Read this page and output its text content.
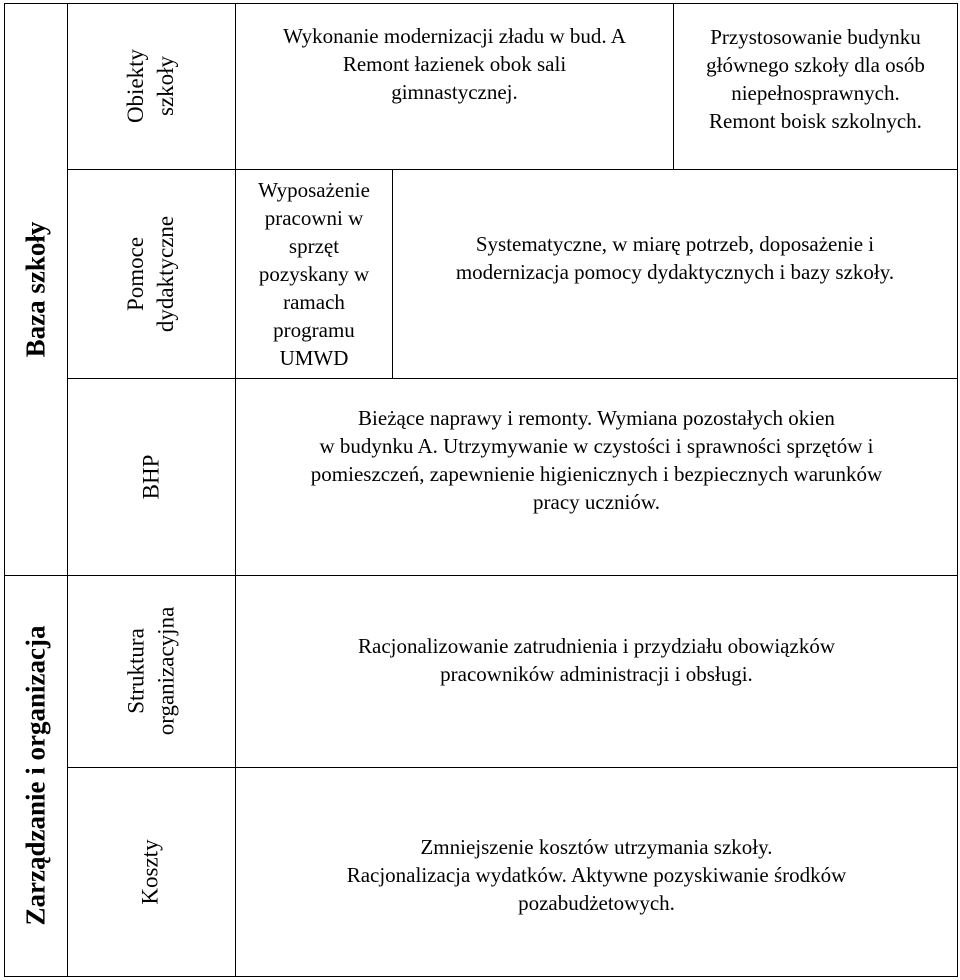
Baza szkoły
Zarządzanie i organizacja
Obiekty
szkoły
Pomoce
dydaktyczne
BHP
Struktura
organizacyjna
Koszty
Wykonanie modernizacji zładu w bud. A
Remont łazienek obok sali
gimnastycznej.
Przystosowanie budynku
głównego szkoły dla osób
niepełnosprawnych.
Remont boisk szkolnych.
Wyposażenie
pracowni w
sprzęt
pozyskany w
ramach
programu
UMWD
Systematyczne, w miarę potrzeb, doposażenie i
modernizacja pomocy dydaktycznych i bazy szkoły.
Bieżące naprawy i remonty. Wymiana pozostałych okien
w budynku A. Utrzymywanie w czystości i sprawności sprzętów i
pomieszczeń, zapewnienie higienicznych i bezpiecznych warunków
pracy uczniów.
Racjonalizowanie zatrudnienia i przydziału obowiązków
pracowników administracji i obsługi.
Zmniejszenie kosztów utrzymania szkoły.
Racjonalizacja wydatków. Aktywne pozyskiwanie środków
pozabudżetowych.
